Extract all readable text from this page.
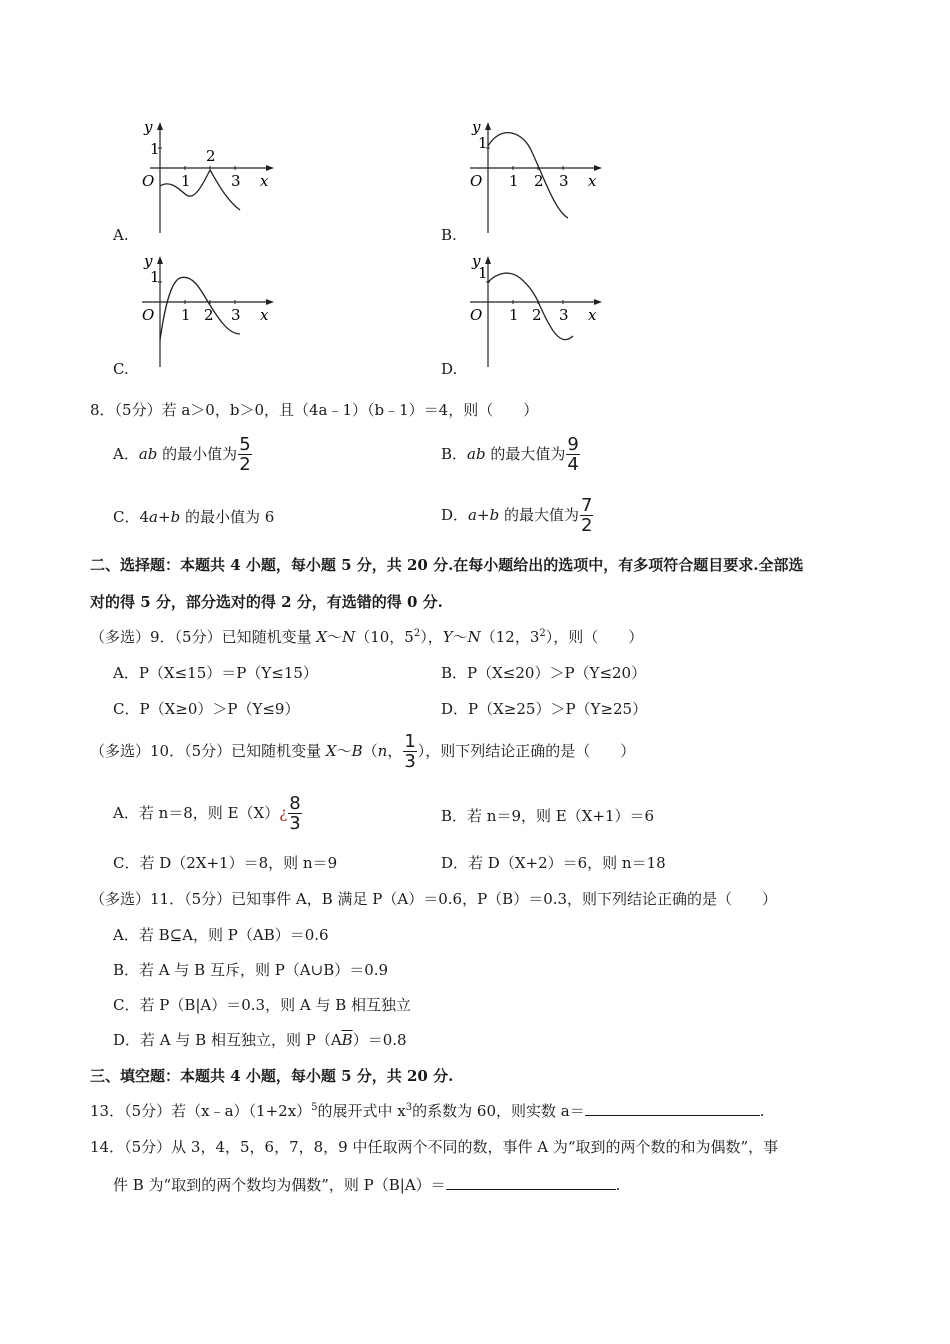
y
1
O 1
2
3 x
A.
y
1
O 1 2 3 x
B.
y
1
O 1 2 3 x
C.
y
1
O 1 2 3 x
D.
8．（5分）若 a＞0，b＞0，且（4a﹣1）（b﹣1）＝4，则（　　）
A．ab 的最小值为 $\frac{5}{2}$	B．ab 的最大值为 $\frac{9}{4}$
C．4a+b 的最小值为 6	D．a+b 的最大值为 $\frac{7}{2}$
二、选择题：本题共 4 小题，每小题 5 分，共 20 分.在每小题给出的选项中，有多项符合题目要求.全部选
对的得 5 分，部分选对的得 2 分，有选错的得 0 分.
（多选）9．（5分）已知随机变量 X～N（10，$5^2$），Y～N（12，$3^2$），则（　　）
A．P（X≤15）＝P（Y≤15）	B．P（X≤20）＞P（Y≤20）
C．P（X≥0）＞P（Y≤9）	D．P（X≥25）＞P（Y≥25）
（多选）10．（5分）已知随机变量 X～B（n， $\frac{1}{3}$ ），则下列结论正确的是（　　）
A．若 n＝8，则 E（X）¿ $\frac{8}{3}$	B．若 n＝9，则 E（X+1）＝6
C．若 D（2X+1）＝8，则 n＝9	D．若 D（X+2）＝6，则 n＝18
（多选）11．（5分）已知事件 A，B 满足 P（A）＝0.6，P（B）＝0.3，则下列结论正确的是（　　）
A．若 B⊆A，则 P（AB）＝0.6
B．若 A 与 B 互斥，则 P（A∪B）＝0.9
C．若 P（B|A）＝0.3，则 A 与 B 相互独立
D．若 A 与 B 相互独立，则 $P(A\overline{B})=0.8$
三、填空题：本题共 4 小题，每小题 5 分，共 20 分.
13．（5分）若$(x﹣a)(1+2x)^5$的展开式中 $x^3$的系数为 60，则实数 a＝	.
14．（5分）从 3，4，5，6，7，8，9 中任取两个不同的数，事件 A 为“取到的两个数的和为偶数”，事
件 B 为“取到的两个数均为偶数”，则 P（B|A）＝	.
